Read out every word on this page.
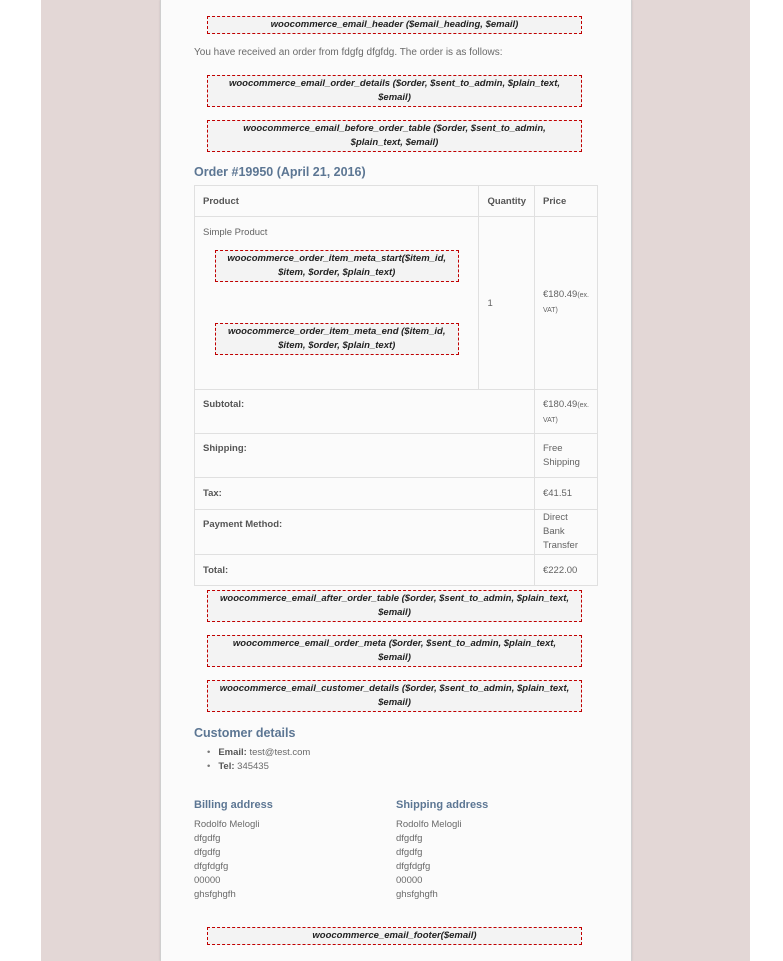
woocommerce_email_header ($email_heading, $email)
You have received an order from fdgfg dfgfdg. The order is as follows:
woocommerce_email_order_details ($order, $sent_to_admin, $plain_text, $email)
woocommerce_email_before_order_table ($order, $sent_to_admin, $plain_text, $email)
Order #19950 (April 21, 2016)
Product	Quantity	Price

Simple Product
woocommerce_order_item_meta_start($item_id, $item, $order, $plain_text)
woocommerce_order_item_meta_end ($item_id, $item, $order, $plain_text)	1	€180.49(ex. VAT)
Subtotal:		€180.49(ex. VAT)
Shipping:		Free Shipping
Tax:		€41.51
Payment Method:		Direct Bank Transfer
Total:		€222.00
woocommerce_email_after_order_table ($order, $sent_to_admin, $plain_text, $email)
woocommerce_email_order_meta ($order, $sent_to_admin, $plain_text, $email)
woocommerce_email_customer_details ($order, $sent_to_admin, $plain_text, $email)
Customer details
• Email: test@test.com
• Tel: 345435
Billing address
Rodolfo Melogli
dfgdfg
dfgdfg
dfgfdgfg
00000
ghsfghgfh
Shipping address
Rodolfo Melogli
dfgdfg
dfgdfg
dfgfdgfg
00000
ghsfghgfh
woocommerce_email_footer($email)
